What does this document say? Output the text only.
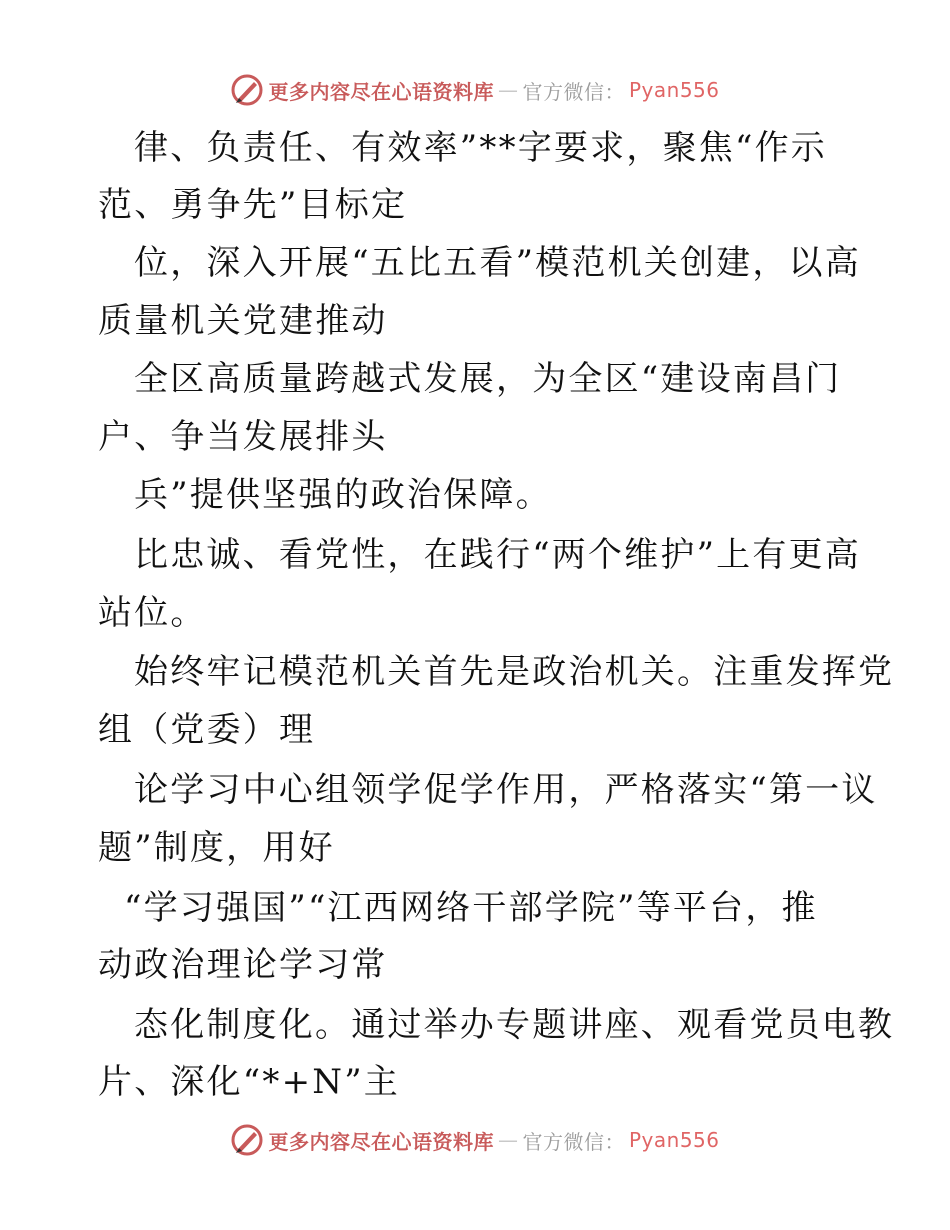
更多内容尽在心语资料库 — 官方微信： Pyan556
律、负责任、有效率”**字要求，聚焦“作示
范、勇争先”目标定
位，深入开展“五比五看”模范机关创建，以高
质量机关党建推动
全区高质量跨越式发展，为全区“建设南昌门
户、争当发展排头
兵”提供坚强的政治保障。
比忠诚、看党性，在践行“两个维护”上有更高
站位。
始终牢记模范机关首先是政治机关。注重发挥党
组（党委）理
论学习中心组领学促学作用，严格落实“第一议
题”制度，用好
“学习强国”“江西网络干部学院”等平台，推
动政治理论学习常
态化制度化。通过举办专题讲座、观看党员电教
片、深化“*+N”主
更多内容尽在心语资料库 — 官方微信： Pyan556
